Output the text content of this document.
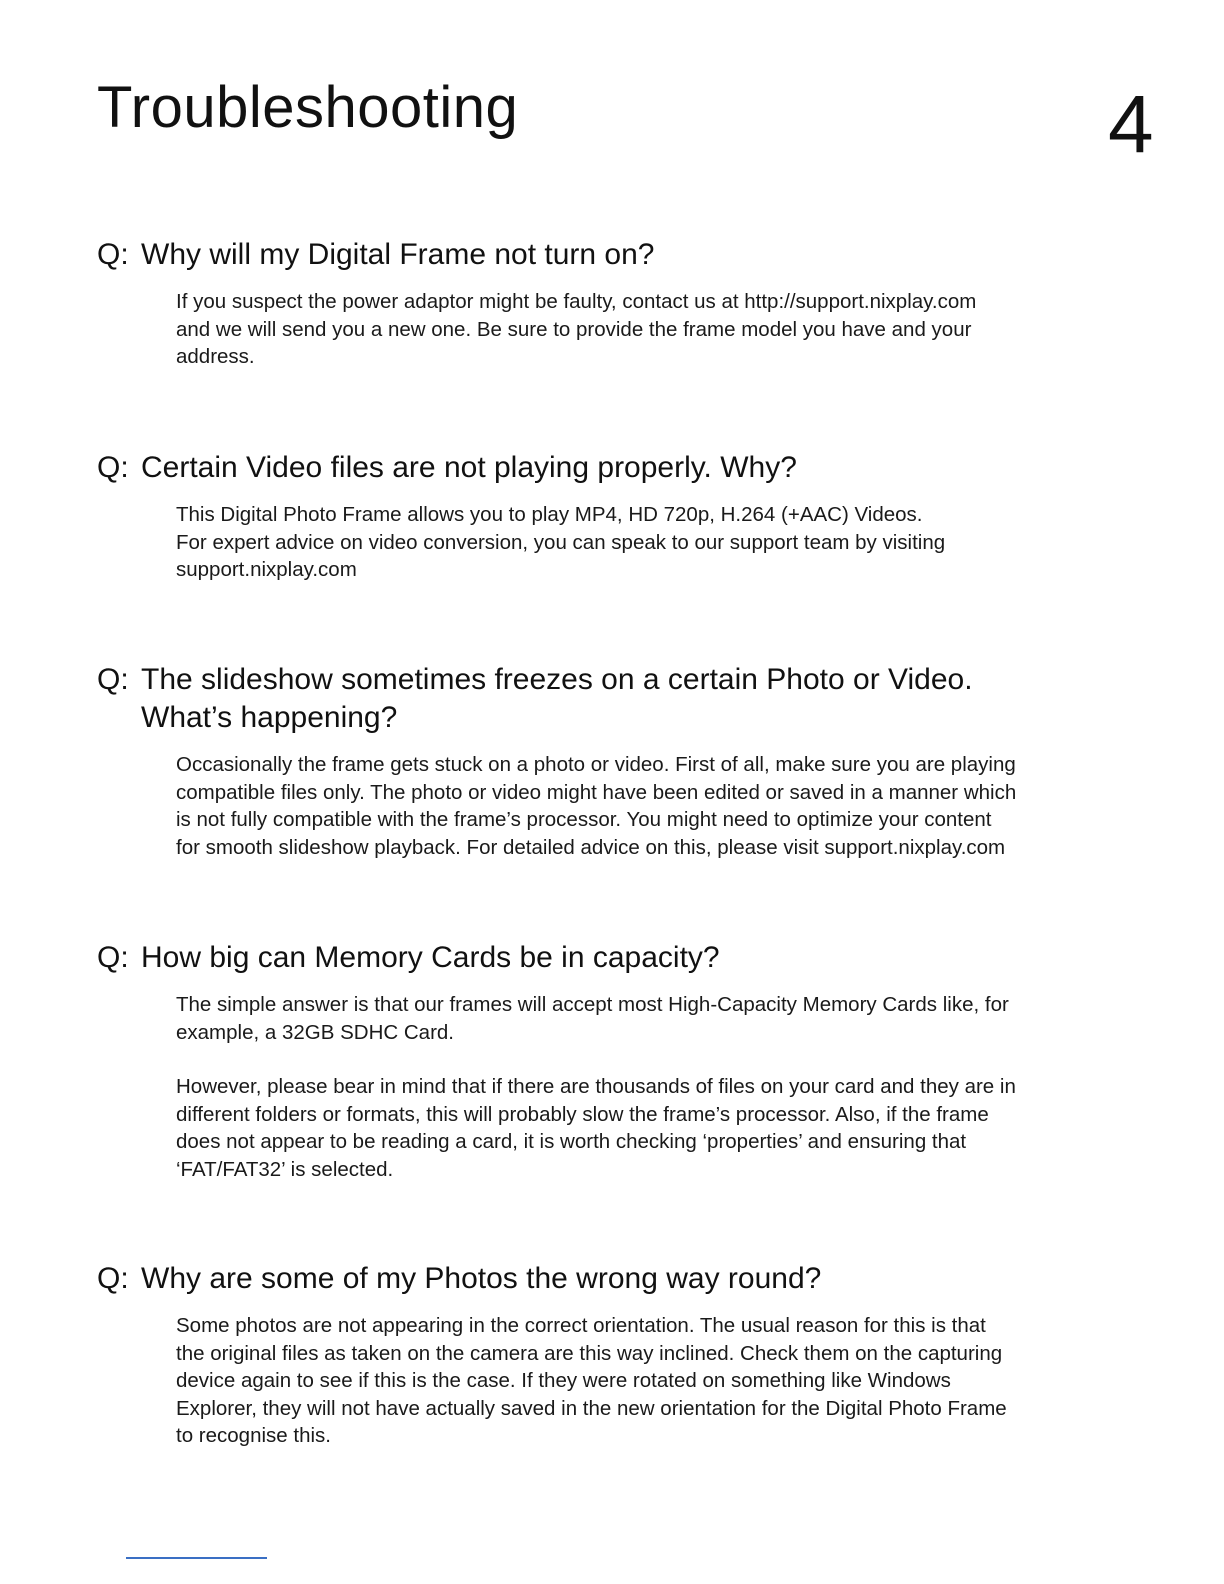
Troubleshooting	4
Q: Why will my Digital Frame not turn on?

If you suspect the power adaptor might be faulty, contact us at http://support.nixplay.com
and we will send you a new one. Be sure to provide the frame model you have and your
address.

Q: Certain Video files are not playing properly. Why?

This Digital Photo Frame allows you to play MP4, HD 720p, H.264 (+AAC) Videos.
For expert advice on video conversion, you can speak to our support team by visiting
support.nixplay.com

Q: The slideshow sometimes freezes on a certain Photo or Video.
What’s happening?

Occasionally the frame gets stuck on a photo or video. First of all, make sure you are playing
compatible files only. The photo or video might have been edited or saved in a manner which
is not fully compatible with the frame’s processor. You might need to optimize your content
for smooth slideshow playback. For detailed advice on this, please visit support.nixplay.com

Q: How big can Memory Cards be in capacity?

The simple answer is that our frames will accept most High-Capacity Memory Cards like, for
example, a 32GB SDHC Card.

However, please bear in mind that if there are thousands of files on your card and they are in
different folders or formats, this will probably slow the frame’s processor. Also, if the frame
does not appear to be reading a card, it is worth checking ‘properties’ and ensuring that
‘FAT/FAT32’ is selected.

Q: Why are some of my Photos the wrong way round?

Some photos are not appearing in the correct orientation. The usual reason for this is that
the original files as taken on the camera are this way inclined. Check them on the capturing
device again to see if this is the case. If they were rotated on something like Windows
Explorer, they will not have actually saved in the new orientation for the Digital Photo Frame
to recognise this.
